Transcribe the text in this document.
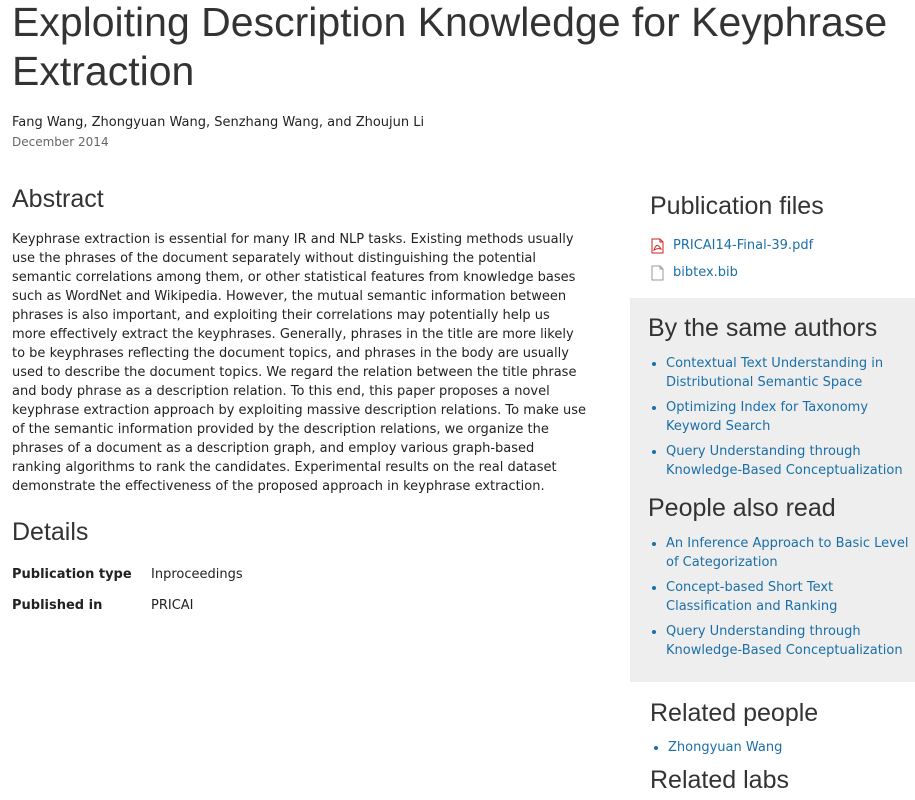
Exploiting Description Knowledge for Keyphrase Extraction

Fang Wang, Zhongyuan Wang, Senzhang Wang, and Zhoujun Li

December 2014

Abstract

Keyphrase extraction is essential for many IR and NLP tasks. Existing methods usually use the phrases of the document separately without distinguishing the potential semantic correlations among them, or other statistical features from knowledge bases such as WordNet and Wikipedia. However, the mutual semantic information between phrases is also important, and exploiting their correlations may potentially help us more effectively extract the keyphrases. Generally, phrases in the title are more likely to be keyphrases reflecting the document topics, and phrases in the body are usually used to describe the document topics. We regard the relation between the title phrase and body phrase as a description relation. To this end, this paper proposes a novel keyphrase extraction approach by exploiting massive description relations. To make use of the semantic information provided by the description relations, we organize the phrases of a document as a description graph, and employ various graph-based ranking algorithms to rank the candidates. Experimental results on the real dataset demonstrate the effectiveness of the proposed approach in keyphrase extraction.

Details
Publication type	Inproceedings
Published in	PRICAI
Publication files
PRICAI14-Final-39.pdf
bibtex.bib
By the same authors
• Contextual Text Understanding in Distributional Semantic Space
• Optimizing Index for Taxonomy Keyword Search
• Query Understanding through Knowledge-Based Conceptualization
People also read
• An Inference Approach to Basic Level of Categorization
• Concept-based Short Text Classification and Ranking
• Query Understanding through Knowledge-Based Conceptualization
Related people
• Zhongyuan Wang
Related labs
